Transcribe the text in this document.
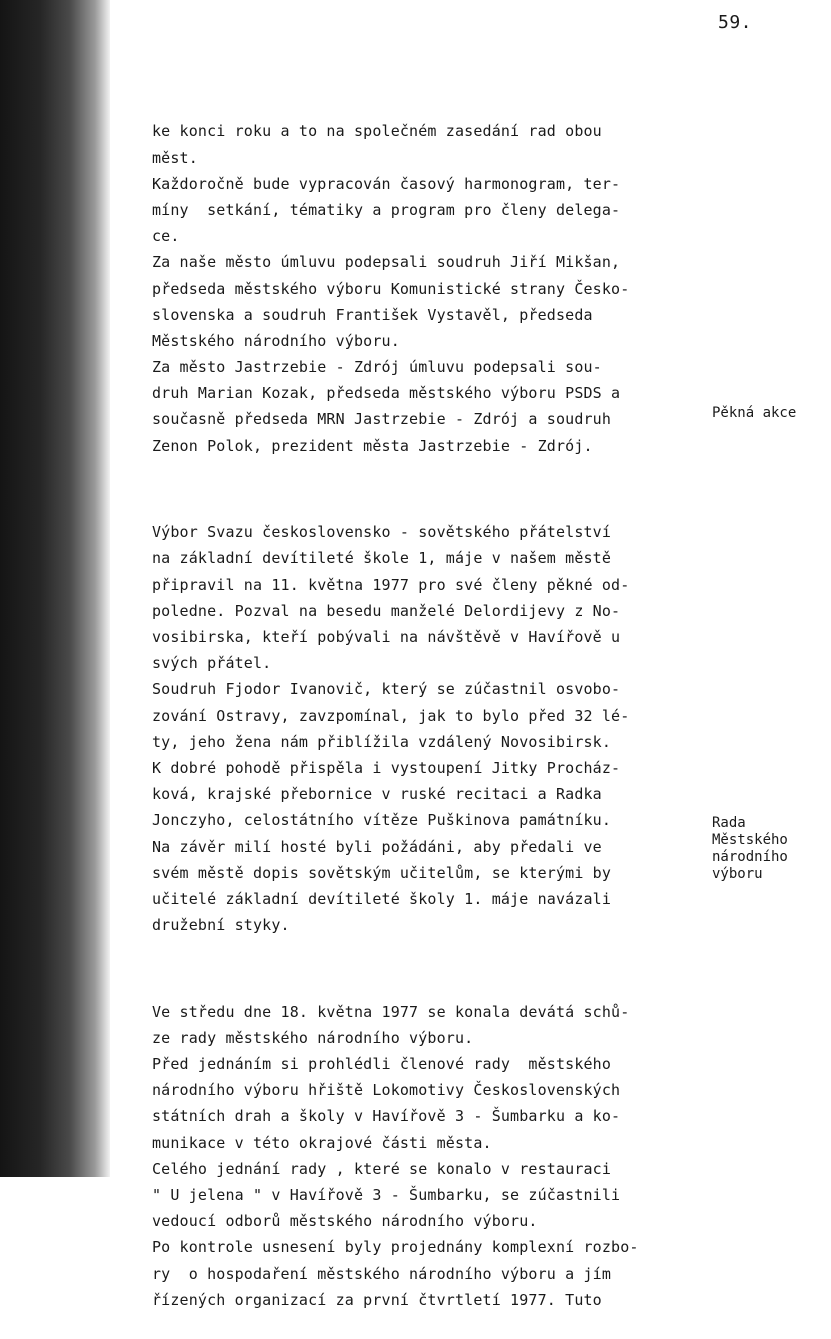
59.

ke konci roku a to na společném zasedání rad obou
měst.
Každoročně bude vypracován časový harmonogram, ter-
míny  setkání, tématiky a program pro členy delega-
ce.
Za naše město úmluvu podepsali soudruh Jiří Mikšan,
předseda městského výboru Komunistické strany Česko-
slovenska a soudruh František Vystavěl, předseda
Městského národního výboru.
Za město Jastrzebie - Zdrój úmluvu podepsali sou-
druh Marian Kozak, předseda městského výboru PSDS a
současně předseda MRN Jastrzebie - Zdrój a soudruh
Zenon Polok, prezident města Jastrzebie - Zdrój.

Výbor Svazu československo - sovětského přátelství
na základní devítileté škole 1, máje v našem městě
připravil na 11. května 1977 pro své členy pěkné od-
poledne. Pozval na besedu manželé Delordijevy z No-
vosibirska, kteří pobývali na návštěvě v Havířově u
svých přátel.
Soudruh Fjodor Ivanovič, který se zúčastnil osvobo-
zování Ostravy, zavzpomínal, jak to bylo před 32 lé-
ty, jeho žena nám přiblížila vzdálený Novosibirsk.
K dobré pohodě přispěla i vystoupení Jitky Procház-
ková, krajské přebornice v ruské recitaci a Radka
Jonczyho, celostátního vítěze Puškinova památníku.
Na závěr milí hosté byli požádáni, aby předali ve
svém městě dopis sovětským učitelům, se kterými by
učitelé základní devítileté školy 1. máje navázali
družební styky.

Ve středu dne 18. května 1977 se konala devátá schů-
ze rady městského národního výboru.
Před jednáním si prohlédli členové rady  městského
národního výboru hřiště Lokomotivy Československých
státních drah a školy v Havířově 3 - Šumbarku a ko-
munikace v této okrajové části města.
Celého jednání rady , které se konalo v restauraci
" U jelena " v Havířově 3 - Šumbarku, se zúčastnili
vedoucí odborů městského národního výboru.
Po kontrole usnesení byly projednány komplexní rozbo-
ry  o hospodaření městského národního výboru a jím
řízených organizací za první čtvrtletí 1977. Tuto

Pěkná akce
Rada
Městského
národního
výboru
